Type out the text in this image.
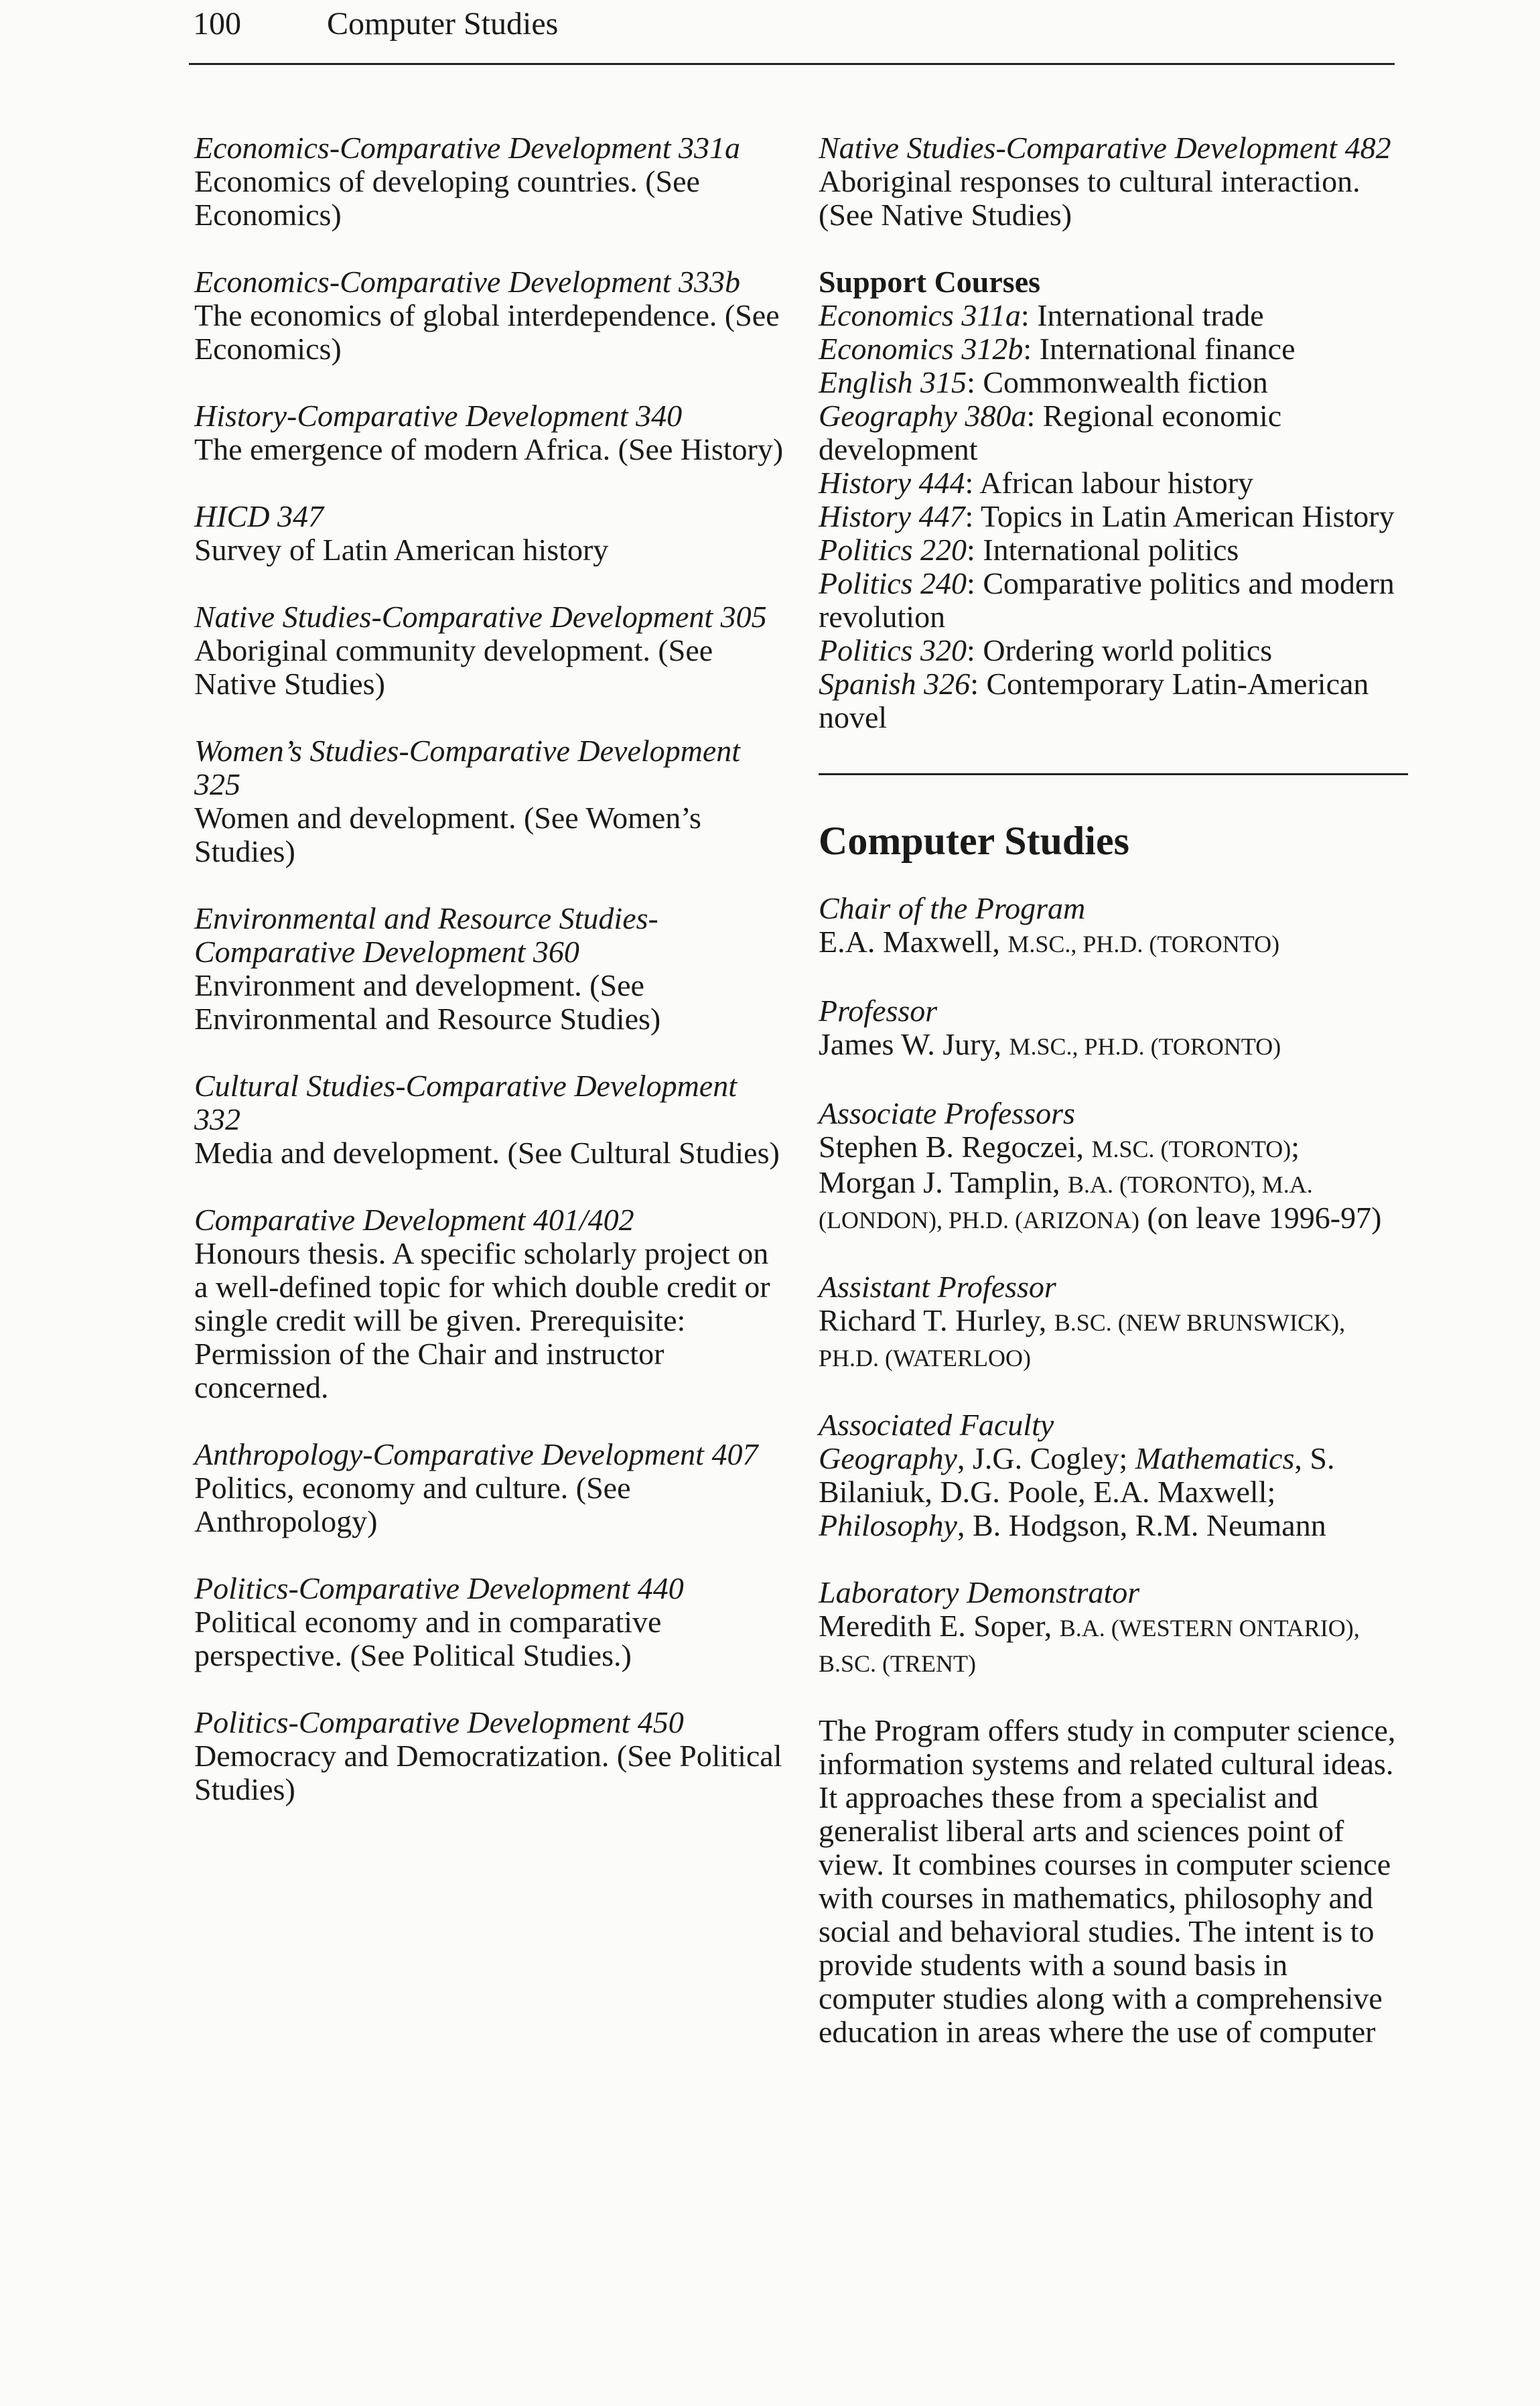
100	Computer Studies
Economics-Comparative Development 331a
Economics of developing countries. (See Economics)
Economics-Comparative Development 333b
The economics of global interdependence. (See Economics)
History-Comparative Development 340
The emergence of modern Africa. (See History)
HICD 347
Survey of Latin American history
Native Studies-Comparative Development 305
Aboriginal community development. (See Native Studies)
Women’s Studies-Comparative Development 325
Women and development. (See Women’s Studies)
Environmental and Resource Studies-Comparative Development 360
Environment and development. (See Environmental and Resource Studies)
Cultural Studies-Comparative Development 332
Media and development. (See Cultural Studies)
Comparative Development 401/402
Honours thesis. A specific scholarly project on a well-defined topic for which double credit or single credit will be given. Prerequisite: Permission of the Chair and instructor concerned.
Anthropology-Comparative Development 407
Politics, economy and culture. (See Anthropology)
Politics-Comparative Development 440
Political economy and in comparative perspective. (See Political Studies.)
Politics-Comparative Development 450
Democracy and Democratization. (See Political Studies)
Native Studies-Comparative Development 482
Aboriginal responses to cultural interaction. (See Native Studies)
Support Courses
Economics 311a: International trade
Economics 312b: International finance
English 315: Commonwealth fiction
Geography 380a: Regional economic development
History 444: African labour history
History 447: Topics in Latin American History
Politics 220: International politics
Politics 240: Comparative politics and modern revolution
Politics 320: Ordering world politics
Spanish 326: Contemporary Latin-American novel
Computer Studies
Chair of the Program
E.A. Maxwell, M.SC., PH.D. (TORONTO)
Professor
James W. Jury, M.SC., PH.D. (TORONTO)
Associate Professors
Stephen B. Regoczei, M.SC. (TORONTO);
Morgan J. Tamplin, B.A. (TORONTO), M.A. (LONDON), PH.D. (ARIZONA) (on leave 1996-97)
Assistant Professor
Richard T. Hurley, B.SC. (NEW BRUNSWICK), PH.D. (WATERLOO)
Associated Faculty
Geography, J.G. Cogley; Mathematics, S. Bilaniuk, D.G. Poole, E.A. Maxwell; Philosophy, B. Hodgson, R.M. Neumann
Laboratory Demonstrator
Meredith E. Soper, B.A. (WESTERN ONTARIO), B.SC. (TRENT)
The Program offers study in computer science, information systems and related cultural ideas. It approaches these from a specialist and generalist liberal arts and sciences point of view. It combines courses in computer science with courses in mathematics, philosophy and social and behavioral studies. The intent is to provide students with a sound basis in computer studies along with a comprehensive education in areas where the use of computer
